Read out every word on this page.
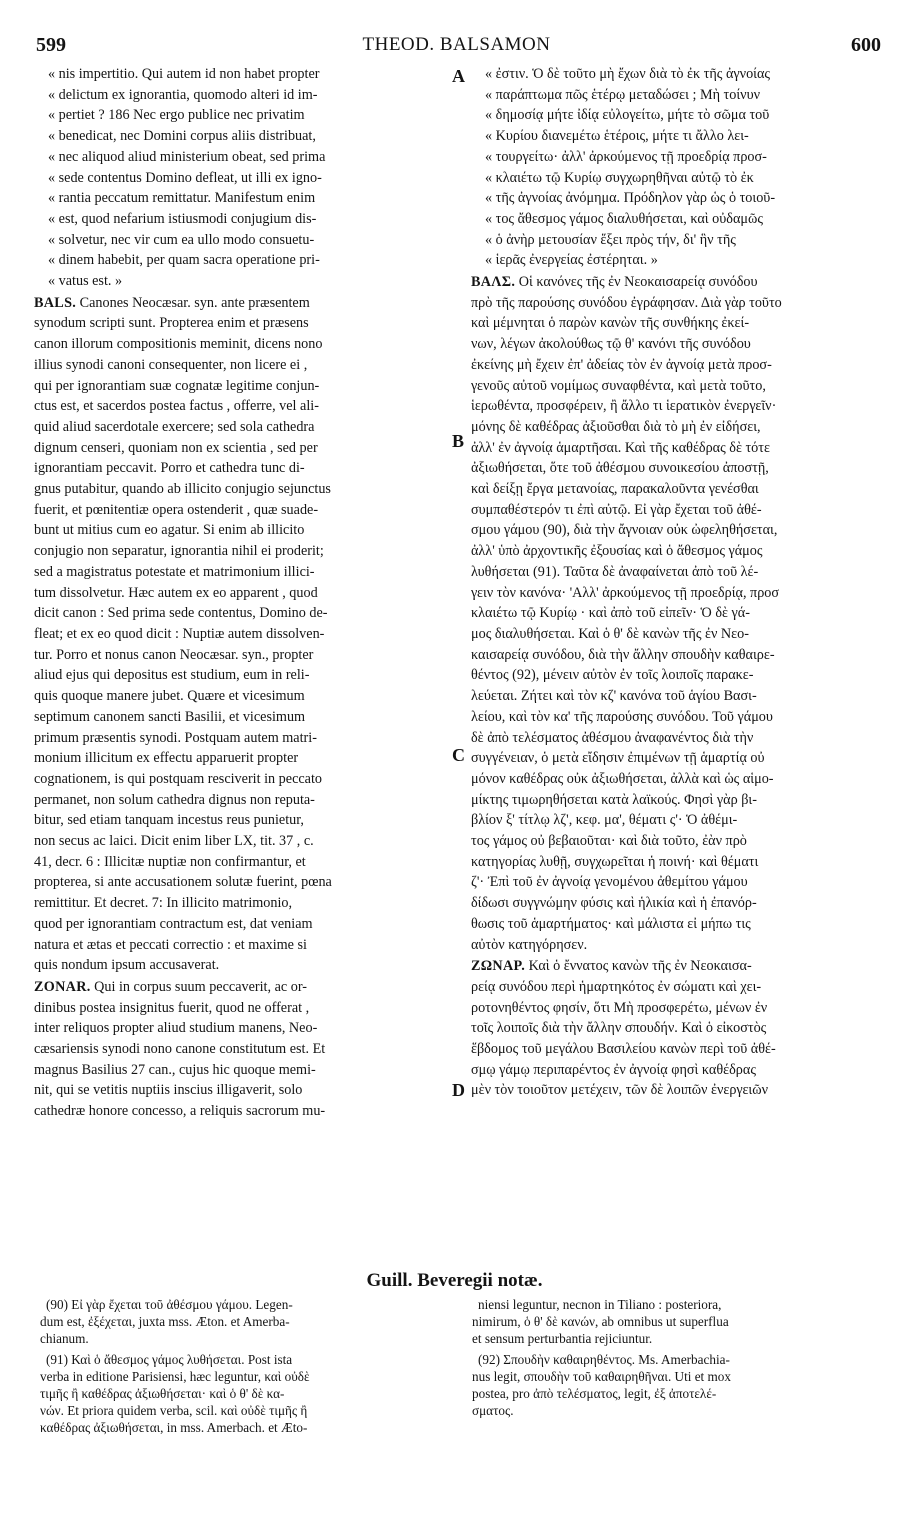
599	THEOD. BALSAMON	600
A
B
C
D
« nis impertitio. Qui autem id non habet propter
« delictum ex ignorantia, quomodo alteri id im-
« pertiet ? 186 Nec ergo publice nec privatim
« benedicat, nec Domini corpus aliis distribuat,
« nec aliquod aliud ministerium obeat, sed prima
« sede contentus Domino defleat, ut illi ex igno-
« rantia peccatum remittatur. Manifestum enim
« est, quod nefarium istiusmodi conjugium dis-
« solvetur, nec vir cum ea ullo modo consuetu-
« dinem habebit, per quam sacra operatione pri-
« vatus est. »
BALS. Canones Neocæsar. syn. ante præsentem
synodum scripti sunt. Propterea enim et præsens
canon illorum compositionis meminit, dicens nono
illius synodi canoni consequenter, non licere ei ,
qui per ignorantiam suæ cognatæ legitime conjun-
ctus est, et sacerdos postea factus , offerre, vel ali-
quid aliud sacerdotale exercere; sed sola cathedra
dignum censeri, quoniam non ex scientia , sed per
ignorantiam peccavit. Porro et cathedra tunc di-
gnus putabitur, quando ab illicito conjugio sejunctus
fuerit, et pœnitentiæ opera ostenderit , quæ suade-
bunt ut mitius cum eo agatur. Si enim ab illicito
conjugio non separatur, ignorantia nihil ei proderit;
sed a magistratus potestate et matrimonium illici-
tum dissolvetur. Hæc autem ex eo apparent , quod
dicit canon : Sed prima sede contentus, Domino de-
fleat; et ex eo quod dicit : Nuptiæ autem dissolven-
tur. Porro et nonus canon Neocæsar. syn., propter
aliud ejus qui depositus est studium, eum in reli-
quis quoque manere jubet. Quære et vicesimum
septimum canonem sancti Basilii, et vicesimum
primum præsentis synodi. Postquam autem matri-
monium illicitum ex effectu apparuerit propter
cognationem, is qui postquam resciverit in peccato
permanet, non solum cathedra dignus non reputa-
bitur, sed etiam tanquam incestus reus punietur,
non secus ac laici. Dicit enim liber LX, tit. 37 , c.
41, decr. 6 : Illicitæ nuptiæ non confirmantur, et
propterea, si ante accusationem solutæ fuerint, pœna
remittitur. Et decret. 7: In illicito matrimonio,
quod per ignorantiam contractum est, dat veniam
natura et ætas et peccati correctio : et maxime si
quis nondum ipsum accusaverat.
ZONAR. Qui in corpus suum peccaverit, ac or-
dinibus postea insignitus fuerit, quod ne offerat ,
inter reliquos propter aliud studium manens, Neo-
cæsariensis synodi nono canone constitutum est. Et
magnus Basilius 27 can., cujus hic quoque memi-
nit, qui se vetitis nuptiis inscius illigaverit, solo
cathedræ honore concesso, a reliquis sacrorum mu-
« ἐστιν. Ὁ δὲ τοῦτο μὴ ἔχων διὰ τὸ ἐκ τῆς ἀγνοίας
« παράπτωμα πῶς ἑτέρῳ μεταδώσει ; Μὴ τοίνυν
« δημοσίᾳ μήτε ἰδίᾳ εὐλογείτω, μήτε τὸ σῶμα τοῦ
« Κυρίου διανεμέτω ἑτέροις, μήτε τι ἄλλο λει-
« τουργείτω· ἀλλ' ἀρκούμενος τῇ προεδρίᾳ προσ-
« κλαιέτω τῷ Κυρίῳ συγχωρηθῆναι αὐτῷ τὸ ἐκ
« τῆς ἀγνοίας ἀνόμημα. Πρόδηλον γὰρ ὡς ὁ τοιοῦ-
« τος ἄθεσμος γάμος διαλυθήσεται, καὶ οὐδαμῶς
« ὁ ἀνὴρ μετουσίαν ἕξει πρὸς τήν, δι' ἣν τῆς
« ἱερᾶς ἐνεργείας ἐστέρηται. »
ΒΑΛΣ. Οἱ κανόνες τῆς ἐν Νεοκαισαρείᾳ συνόδου
πρὸ τῆς παρούσης συνόδου ἐγράφησαν. Διὰ γὰρ τοῦτο
καὶ μέμνηται ὁ παρὼν κανὼν τῆς συνθήκης ἐκεί-
νων, λέγων ἀκολούθως τῷ θ' κανόνι τῆς συνόδου
ἐκείνης μὴ ἔχειν ἐπ' ἀδείας τὸν ἐν ἀγνοίᾳ μετὰ προσ-
γενοῦς αὐτοῦ νομίμως συναφθέντα, καὶ μετὰ τοῦτο,
ἱερωθέντα, προσφέρειν, ἢ ἄλλο τι ἱερατικὸν ἐνεργεῖν·
μόνης δὲ καθέδρας ἀξιοῦσθαι διὰ τὸ μὴ ἐν εἰδήσει,
ἀλλ' ἐν ἀγνοίᾳ ἁμαρτῆσαι. Καὶ τῆς καθέδρας δὲ τότε
ἀξιωθήσεται, ὅτε τοῦ ἀθέσμου συνοικεσίου ἀποστῇ,
καὶ δείξῃ ἔργα μετανοίας, παρακαλοῦντα γενέσθαι
συμπαθέστερόν τι ἐπὶ αὐτῷ. Εἰ γὰρ ἔχεται τοῦ ἀθέ-
σμου γάμου (90), διὰ τὴν ἄγνοιαν οὐκ ὠφεληθήσεται,
ἀλλ' ὑπὸ ἀρχοντικῆς ἐξουσίας καὶ ὁ ἄθεσμος γάμος
λυθήσεται (91). Ταῦτα δὲ ἀναφαίνεται ἀπὸ τοῦ λέ-
γειν τὸν κανόνα· 'Αλλ' ἀρκούμενος τῇ προεδρίᾳ, προσ
κλαιέτω τῷ Κυρίῳ · καὶ ἀπὸ τοῦ εἰπεῖν· Ὁ δὲ γά-
μος διαλυθήσεται. Καὶ ὁ θ' δὲ κανὼν τῆς ἐν Νεο-
καισαρείᾳ συνόδου, διὰ τὴν ἄλλην σπουδὴν καθαιρε-
θέντος (92), μένειν αὐτὸν ἐν τοῖς λοιποῖς παρακε-
λεύεται. Ζήτει καὶ τὸν κζ' κανόνα τοῦ ἁγίου Βασι-
λείου, καὶ τὸν κα' τῆς παρούσης συνόδου. Τοῦ γάμου
δὲ ἀπὸ τελέσματος ἀθέσμου ἀναφανέντος διὰ τὴν
συγγένειαν, ὁ μετὰ εἴδησιν ἐπιμένων τῇ ἁμαρτίᾳ οὐ
μόνον καθέδρας οὐκ ἀξιωθήσεται, ἀλλὰ καὶ ὡς αἱμο-
μίκτης τιμωρηθήσεται κατὰ λαϊκούς. Φησὶ γὰρ βι-
βλίον ξ' τίτλῳ λζ', κεφ. μα', θέματι ς'· Ὁ ἀθέμι-
τος γάμος οὐ βεβαιοῦται· καὶ διὰ τοῦτο, ἐὰν πρὸ
κατηγορίας λυθῇ, συγχωρεῖται ἡ ποινή· καὶ θέματι
ζ'· Ἐπὶ τοῦ ἐν ἀγνοίᾳ γενομένου ἀθεμίτου γάμου
δίδωσι συγγνώμην φύσις καὶ ἡλικία καὶ ἡ ἐπανόρ-
θωσις τοῦ ἁμαρτήματος· καὶ μάλιστα εἰ μήπω τις
αὐτὸν κατηγόρησεν.
ΖΩΝΑΡ. Καὶ ὁ ἔννατος κανὼν τῆς ἐν Νεοκαισα-
ρείᾳ συνόδου περὶ ἡμαρτηκότος ἐν σώματι καὶ χει-
ροτονηθέντος φησίν, ὅτι Μὴ προσφερέτω, μένων ἐν
τοῖς λοιποῖς διὰ τὴν ἄλλην σπουδήν. Καὶ ὁ εἰκοστὸς
ἕβδομος τοῦ μεγάλου Βασιλείου κανὼν περὶ τοῦ ἀθέ-
σμῳ γάμῳ περιπαρέντος ἐν ἀγνοίᾳ φησὶ καθέδρας
μὲν τὸν τοιοῦτον μετέχειν, τῶν δὲ λοιπῶν ἐνεργειῶν
Guill. Beveregii notæ.
(90) Εἰ γὰρ ἔχεται τοῦ ἀθέσμου γάμου. Legen-
dum est, ἐξέχεται, juxta mss. Æton. et Amerba-
chianum.
(91) Καὶ ὁ ἄθεσμος γάμος λυθήσεται. Post ista
verba in editione Parisiensi, hæc leguntur, καὶ οὐδὲ
τιμῆς ἢ καθέδρας ἀξιωθήσεται· καὶ ὁ θ' δὲ κα-
νών. Et priora quidem verba, scil. καὶ οὐδὲ τιμῆς ἢ
καθέδρας ἀξιωθήσεται, in mss. Amerbach. et Æto-
niensi leguntur, necnon in Tiliano : posteriora,
nimirum, ὁ θ' δὲ κανών, ab omnibus ut superflua
et sensum perturbantia rejiciuntur.
(92) Σπουδὴν καθαιρηθέντος. Ms. Amerbachia-
nus legit, σπουδὴν τοῦ καθαιρηθῆναι. Uti et mox
postea, pro ἀπὸ τελέσματος, legit, ἐξ ἀποτελέ-
σματος.
